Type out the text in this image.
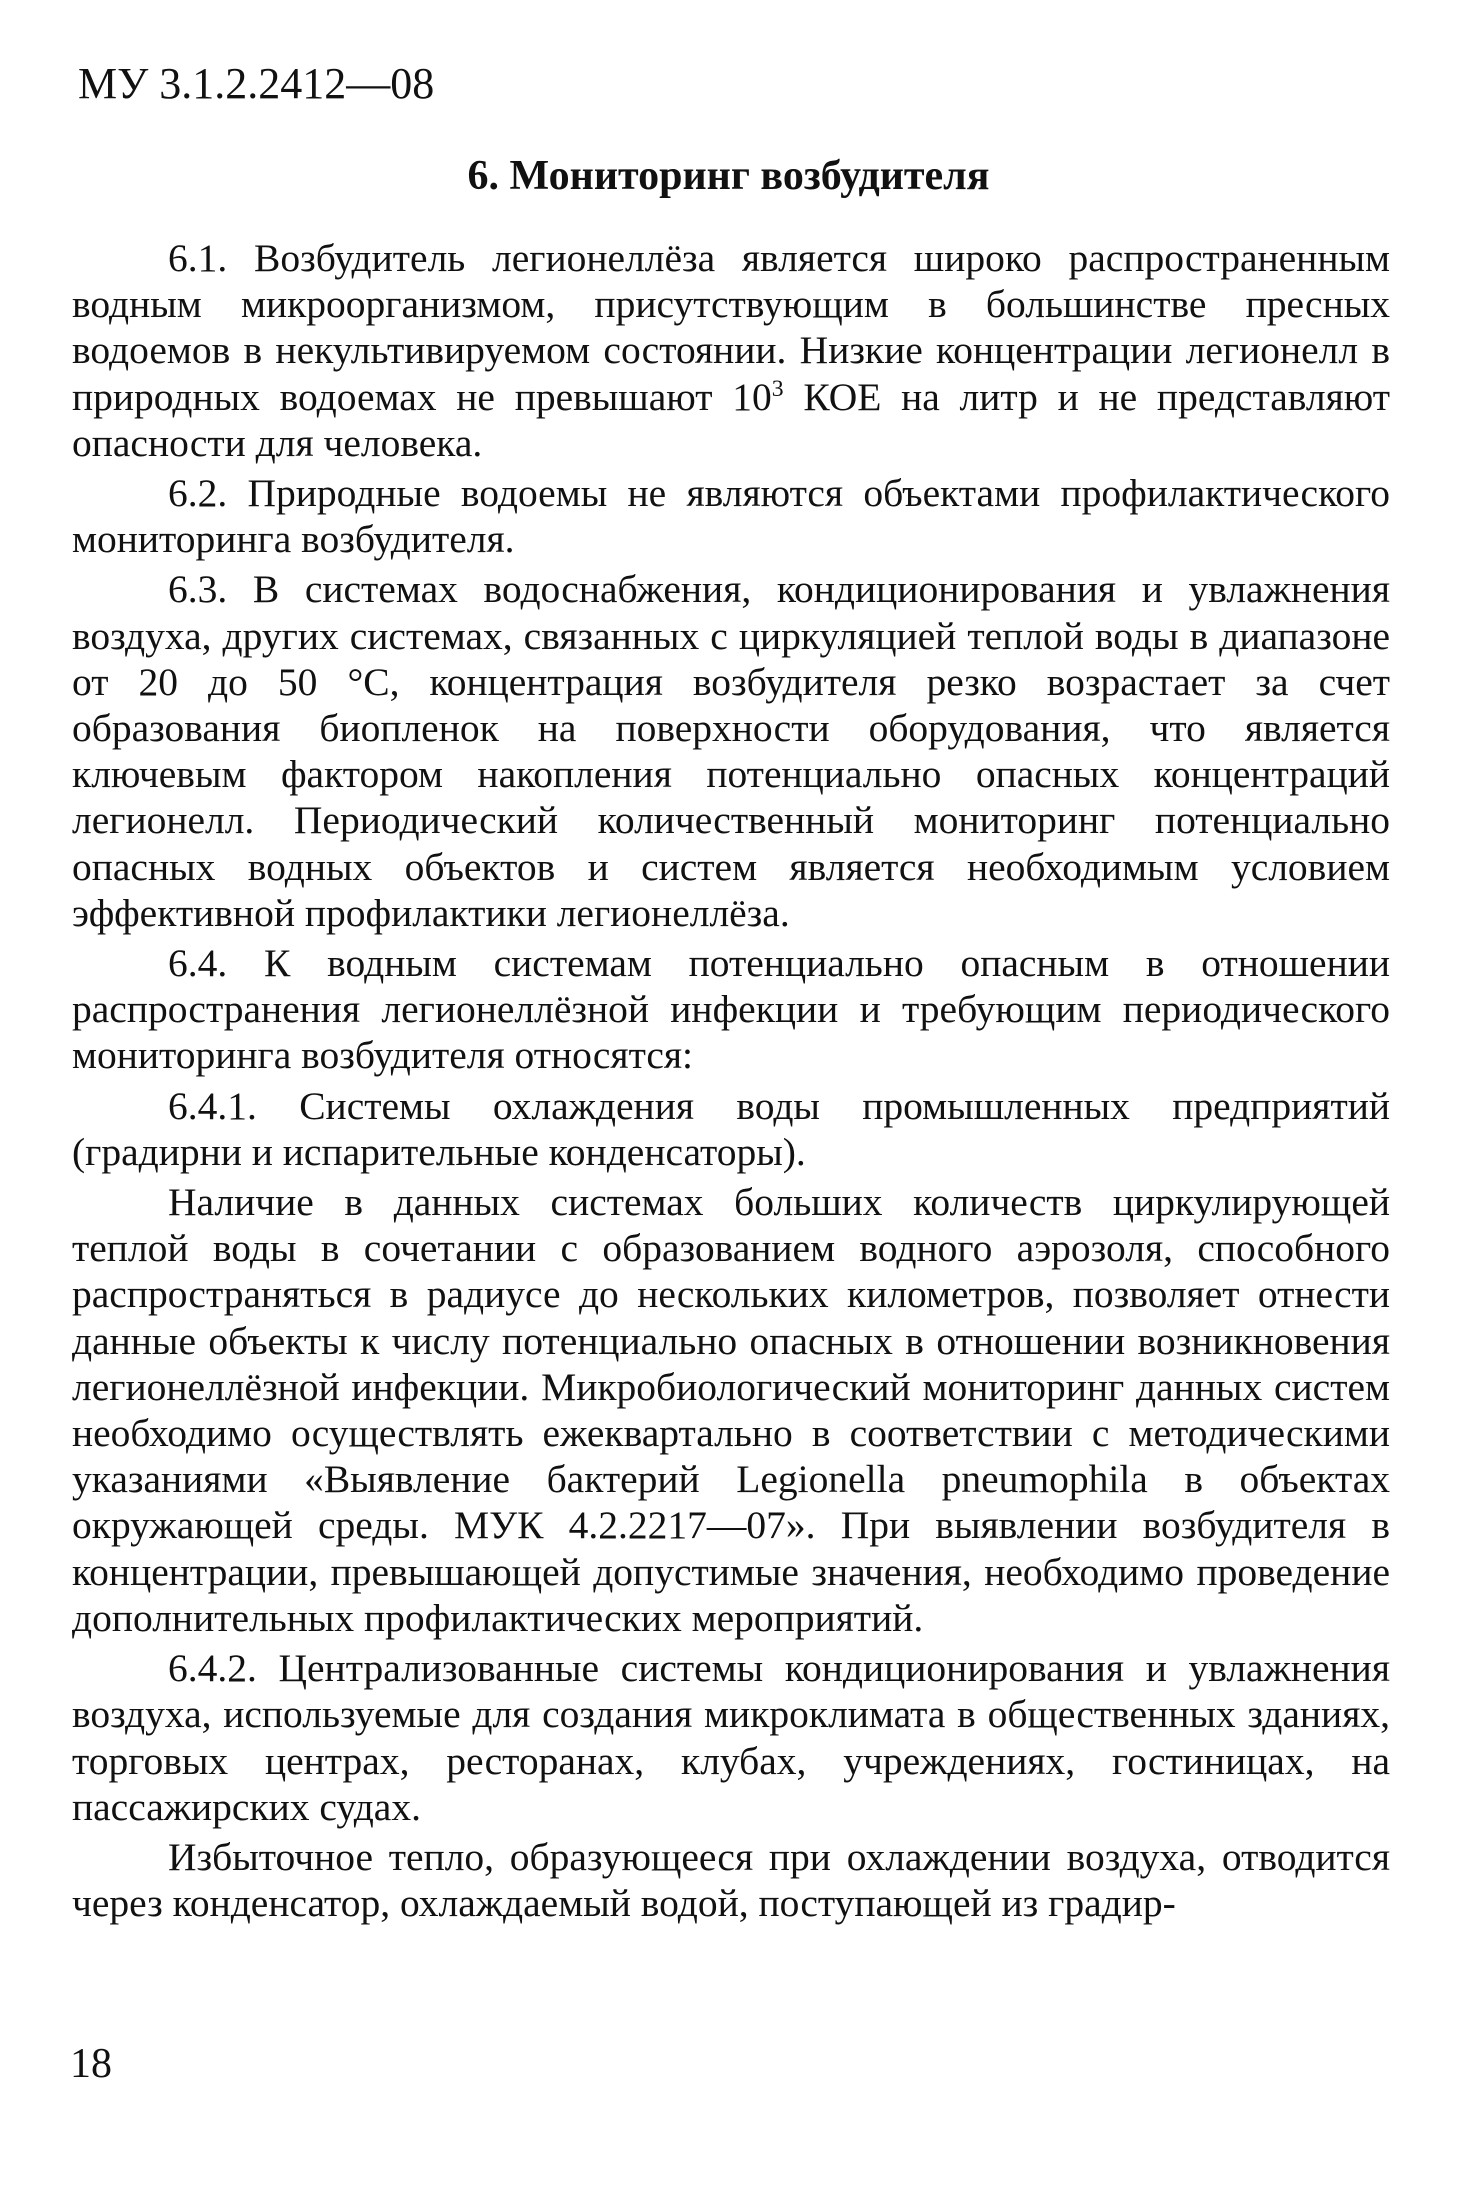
МУ 3.1.2.2412—08
6. Мониторинг возбудителя

6.1. Возбудитель легионеллёза является широко распространенным водным микроорганизмом, присутствующим в большинстве пресных водоемов в некультивируемом состоянии. Низкие концентрации легионелл в природных водоемах не превышают $10^3$ КОЕ на литр и не представляют опасности для человека.

6.2. Природные водоемы не являются объектами профилактического мониторинга возбудителя.

6.3. В системах водоснабжения, кондиционирования и увлажнения воздуха, других системах, связанных с циркуляцией теплой воды в диапазоне от 20 до 50 °С, концентрация возбудителя резко возрастает за счет образования биопленок на поверхности оборудования, что является ключевым фактором накопления потенциально опасных концентраций легионелл. Периодический количественный мониторинг потенциально опасных водных объектов и систем является необходимым условием эффективной профилактики легионеллёза.

6.4. К водным системам потенциально опасным в отношении распространения легионеллёзной инфекции и требующим периодического мониторинга возбудителя относятся:

6.4.1. Системы охлаждения воды промышленных предприятий (градирни и испарительные конденсаторы).

Наличие в данных системах больших количеств циркулирующей теплой воды в сочетании с образованием водного аэрозоля, способного распространяться в радиусе до нескольких километров, позволяет отнести данные объекты к числу потенциально опасных в отношении возникновения легионеллёзной инфекции. Микробиологический мониторинг данных систем необходимо осуществлять ежеквартально в соответствии с методическими указаниями «Выявление бактерий Legionella pneumophila в объектах окружающей среды. МУК 4.2.2217—07». При выявлении возбудителя в концентрации, превышающей допустимые значения, необходимо проведение дополнительных профилактических мероприятий.

6.4.2. Централизованные системы кондиционирования и увлажнения воздуха, используемые для создания микроклимата в общественных зданиях, торговых центрах, ресторанах, клубах, учреждениях, гостиницах, на пассажирских судах.

Избыточное тепло, образующееся при охлаждении воздуха, отводится через конденсатор, охлаждаемый водой, поступающей из градир-

18
